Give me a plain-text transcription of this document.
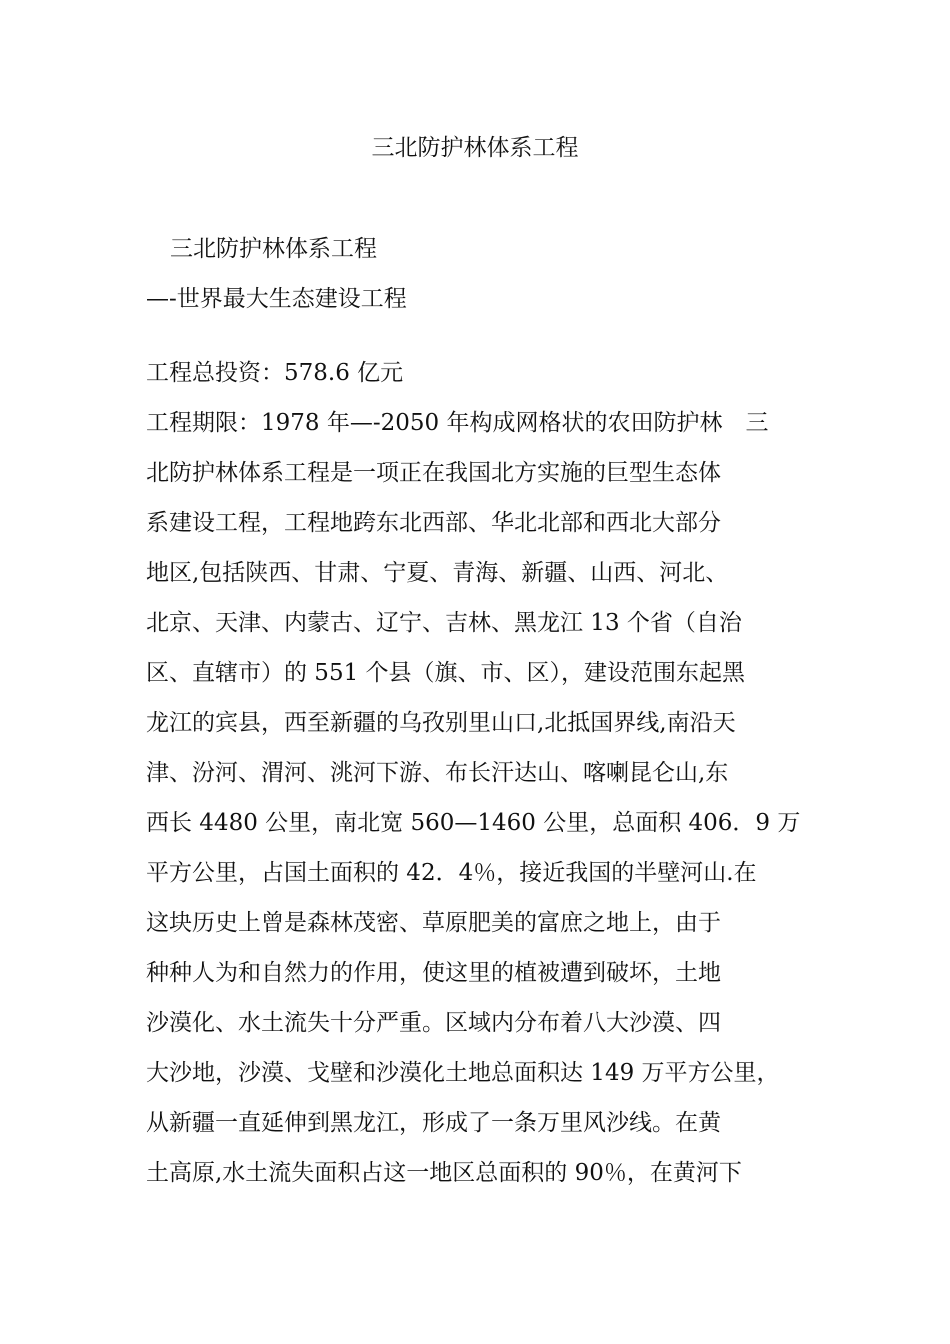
三北防护林体系工程
三北防护林体系工程
—-世界最大生态建设工程
工程总投资：578.6 亿元
工程期限：1978 年—-2050 年构成网格状的农田防护林　三
北防护林体系工程是一项正在我国北方实施的巨型生态体
系建设工程，工程地跨东北西部、华北北部和西北大部分
地区,包括陕西、甘肃、宁夏、青海、新疆、山西、河北、
北京、天津、内蒙古、辽宁、吉林、黑龙江 13 个省（自治
区、直辖市）的 551 个县（旗、市、区），建设范围东起黑
龙江的宾县，西至新疆的乌孜别里山口,北抵国界线,南沿天
津、汾河、渭河、洮河下游、布长汗达山、喀喇昆仑山,东
西长 4480 公里，南北宽 560—1460 公里，总面积 406．9 万
平方公里，占国土面积的 42．4％，接近我国的半壁河山.在
这块历史上曾是森林茂密、草原肥美的富庶之地上，由于
种种人为和自然力的作用，使这里的植被遭到破坏，土地
沙漠化、水土流失十分严重。区域内分布着八大沙漠、四
大沙地，沙漠、戈壁和沙漠化土地总面积达 149 万平方公里，
从新疆一直延伸到黑龙江，形成了一条万里风沙线。在黄
土高原,水土流失面积占这一地区总面积的 90％，在黄河下
